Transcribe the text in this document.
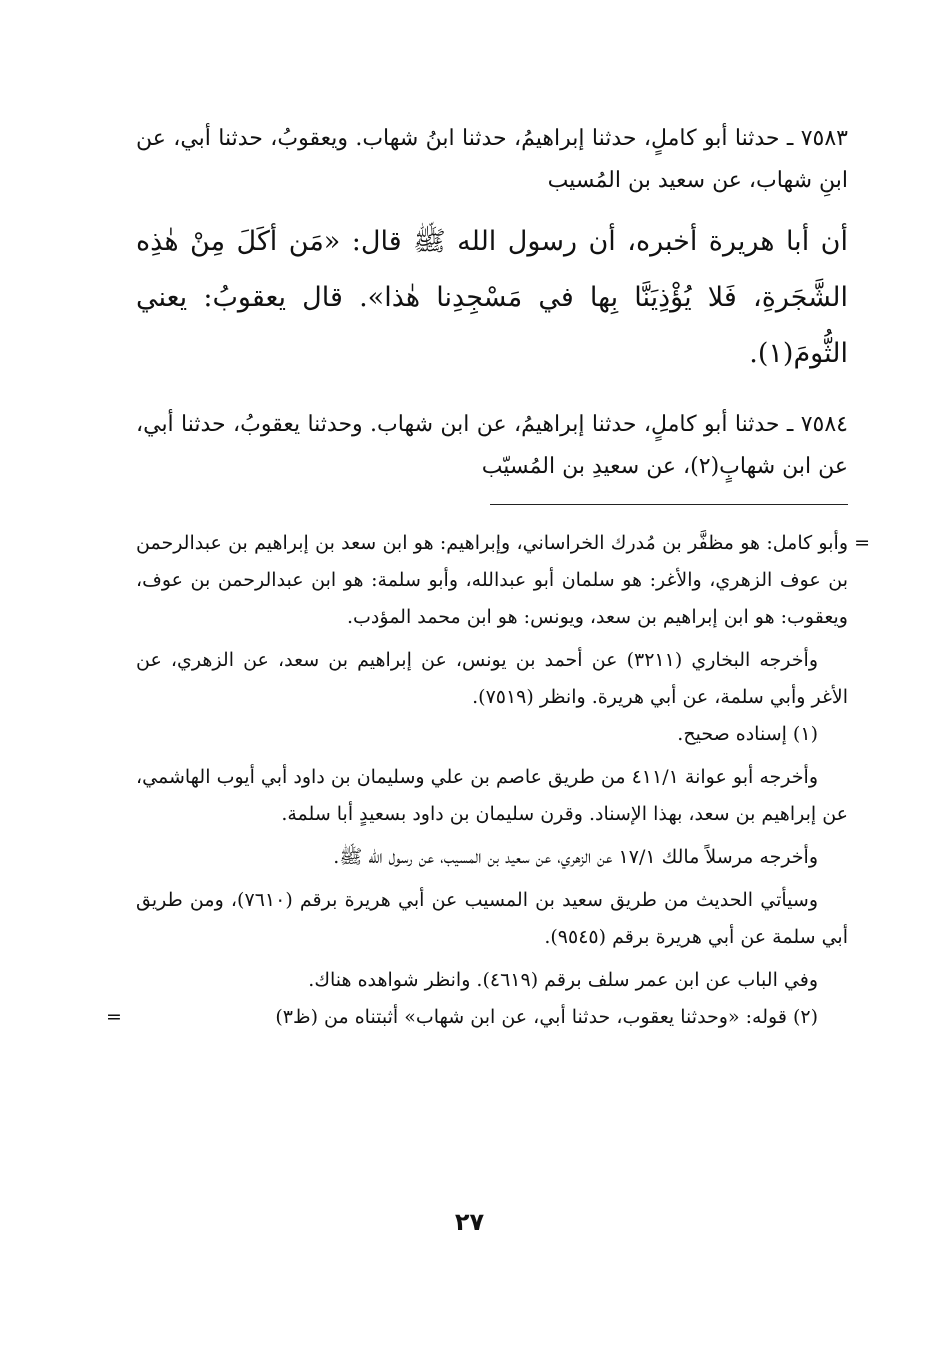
٧٥٨٣ ـ حدثنا أبو كاملٍ، حدثنا إبراهيمُ، حدثنا ابنُ شهاب. ويعقوبُ، حدثنا أبي، عن ابنِ شهاب، عن سعيد بن المُسيب

أن أبا هريرة أخبره، أن رسول الله ﷺ قال: «مَن أكَلَ مِنْ هٰذِه الشَّجَرةِ، فَلا يُؤْذِيَنَّا بِها في مَسْجِدِنا هٰذا». قال يعقوبُ: يعني الثُّومَ(١).

٧٥٨٤ ـ حدثنا أبو كاملٍ، حدثنا إبراهيمُ، عن ابن شهاب. وحدثنا يعقوبُ، حدثنا أبي، عن ابن شهابٍ(٢)، عن سعيدِ بن المُسيّب

=

وأبو كامل: هو مظفَّر بن مُدرك الخراساني، وإبراهيم: هو ابن سعد بن إبراهيم بن عبدالرحمن بن عوف الزهري، والأغر: هو سلمان أبو عبدالله، وأبو سلمة: هو ابن عبدالرحمن بن عوف، ويعقوب: هو ابن إبراهيم بن سعد، ويونس: هو ابن محمد المؤدب.

وأخرجه البخاري (٣٢١١) عن أحمد بن يونس، عن إبراهيم بن سعد، عن الزهري، عن الأغر وأبي سلمة، عن أبي هريرة. وانظر (٧٥١٩).

(١) إسناده صحيح.

وأخرجه أبو عوانة ٤١١/١ من طريق عاصم بن علي وسليمان بن داود أبي أيوب الهاشمي، عن إبراهيم بن سعد، بهذا الإسناد. وقرن سليمان بن داود بسعيدٍ أبا سلمة.

وأخرجه مرسلاً مالك ١٧/١ عن الزهري، عن سعيد بن المسيب، عن رسول الله ﷺ.

وسيأتي الحديث من طريق سعيد بن المسيب عن أبي هريرة برقم (٧٦١٠)، ومن طريق أبي سلمة عن أبي هريرة برقم (٩٥٤٥).

وفي الباب عن ابن عمر سلف برقم (٤٦١٩). وانظر شواهده هناك.

(٢) قوله: «وحدثنا يعقوب، حدثنا أبي، عن ابن شهاب» أثبتناه من (ظ٣)

=
٢٧
